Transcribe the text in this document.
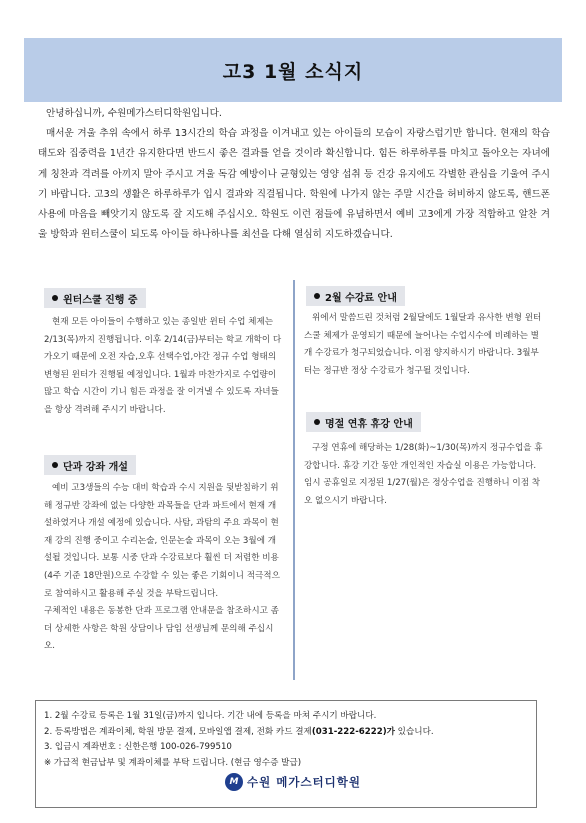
고3 1월 소식지

안녕하십니까, 수원메가스터디학원입니다.

매서운 겨울 추위 속에서 하루 13시간의 학습 과정을 이겨내고 있는 아이들의 모습이 자랑스럽기만 합니다. 현재의 학습 태도와 집중력을 1년간 유지한다면 반드시 좋은 결과를 얻을 것이라 확신합니다. 힘든 하루하루를 마치고 돌아오는 자녀에게 칭찬과 격려를 아끼지 말아 주시고 겨울 독감 예방이나 균형있는 영양 섭취 등 건강 유지에도 각별한 관심을 기울여 주시기 바랍니다. 고3의 생활은 하루하루가 입시 결과와 직결됩니다. 학원에 나가지 않는 주말 시간을 허비하지 않도록, 핸드폰 사용에 마음을 빼앗기지 않도록 잘 지도해 주십시오. 학원도 이런 점들에 유념하면서 예비 고3에게 가장 적합하고 알찬 겨울 방학과 윈터스쿨이 되도록 아이들 하나하나를 최선을 다해 열심히 지도하겠습니다.

윈터스쿨 진행 중

현재 모든 아이들이 수행하고 있는 종일반 윈터 수업 체제는 2/13(목)까지 진행됩니다. 이후 2/14(금)부터는 학교 개학이 다가오기 때문에 오전 자습,오후 선택수업,야간 정규 수업 형태의 변형된 윈터가 진행될 예정입니다. 1월과 마찬가지로 수업량이 많고 학습 시간이 기니 힘든 과정을 잘 이겨낼 수 있도록 자녀들을 항상 격려해 주시기 바랍니다.

단과 강좌 개설

예비 고3생들의 수능 대비 학습과 수시 지원을 뒷받침하기 위해 정규반 강좌에 없는 다양한 과목들을 단과 파트에서 현재 개설하였거나 개설 예정에 있습니다. 사탐, 과탐의 주요 과목이 현재 강의 진행 중이고 수리논술, 인문논술 과목이 오는 3월에 개설될 것입니다. 보통 시중 단과 수강료보다 훨씬 더 저렴한 비용(4주 기준 18만원)으로 수강할 수 있는 좋은 기회이니 적극적으로 참여하시고 활용해 주실 것을 부탁드립니다.

구체적인 내용은 동봉한 단과 프로그램 안내문을 참조하시고 좀 더 상세한 사항은 학원 상담이나 담임 선생님께 문의해 주십시오.

2월 수강료 안내

위에서 말씀드린 것처럼 2월달에도 1월달과 유사한 변형 윈터스쿨 체제가 운영되기 때문에 늘어나는 수업시수에 비례하는 별개 수강료가 청구되었습니다. 이점 양지하시기 바랍니다. 3월부터는 정규반 정상 수강료가 청구될 것입니다.

명절 연휴 휴강 안내

구정 연휴에 해당하는 1/28(화)~1/30(목)까지 정규수업을 휴강합니다. 휴강 기간 동안 개인적인 자습실 이용은 가능합니다. 임시 공휴일로 지정된 1/27(월)은 정상수업을 진행하니 이점 착오 없으시기 바랍니다.

1. 2월 수강료 등록은 1월 31일(금)까지 입니다. 기간 내에 등록을 마쳐 주시기 바랍니다.
2. 등록방법은 계좌이체, 학원 방문 결제, 모바일앱 결제, 전화 카드 결제(031-222-6222)가 있습니다.
3. 입금시 계좌번호 : 신한은행 100-026-799510
※ 가급적 현금납부 및 계좌이체를 부탁 드립니다. (현금 영수증 발급)
M 수원 메가스터디학원
